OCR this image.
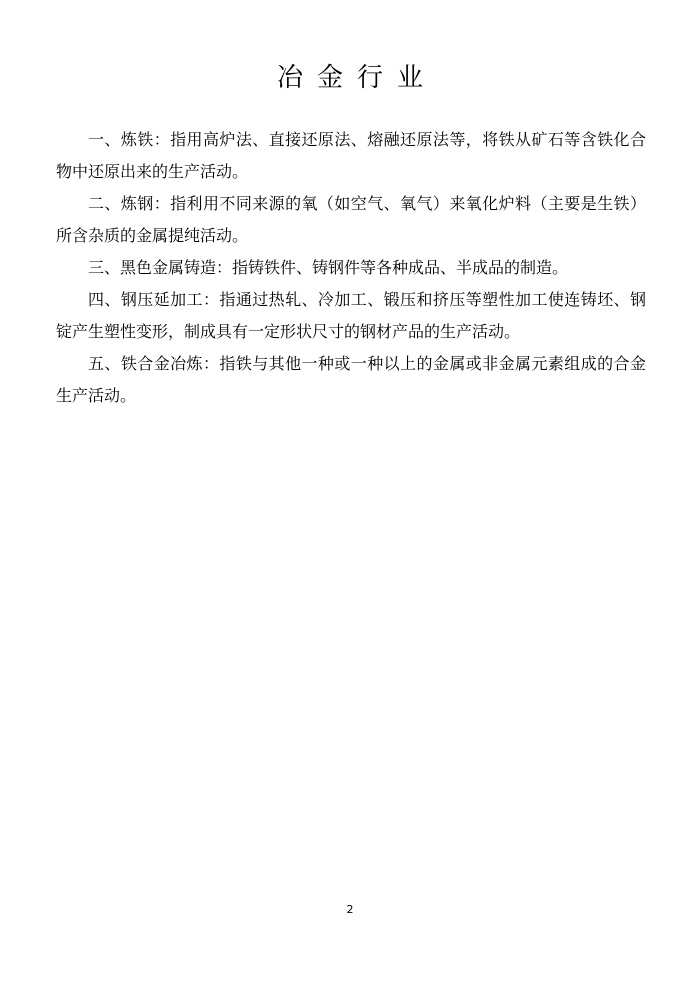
冶金行业

一、炼铁：指用高炉法、直接还原法、熔融还原法等，将铁从矿石等含铁化合物中还原出来的生产活动。

二、炼钢：指利用不同来源的氧（如空气、氧气）来氧化炉料（主要是生铁）所含杂质的金属提纯活动。

三、黑色金属铸造：指铸铁件、铸钢件等各种成品、半成品的制造。

四、钢压延加工：指通过热轧、冷加工、锻压和挤压等塑性加工使连铸坯、钢锭产生塑性变形，制成具有一定形状尺寸的钢材产品的生产活动。

五、铁合金冶炼：指铁与其他一种或一种以上的金属或非金属元素组成的合金生产活动。

2
